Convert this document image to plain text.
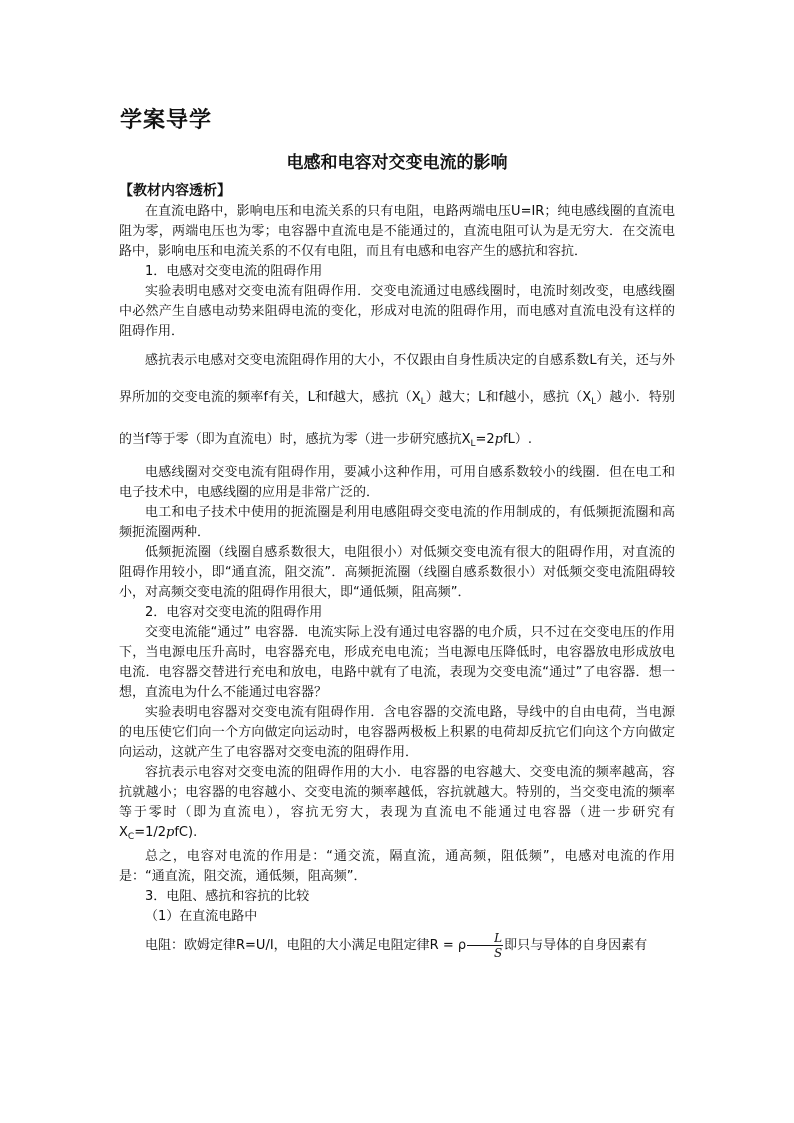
学案导学
电感和电容对交变电流的影响
【教材内容透析】

在直流电路中，影响电压和电流关系的只有电阻，电路两端电压U=IR；纯电感线圈的直流电阻为零，两端电压也为零；电容器中直流电是不能通过的，直流电阻可认为是无穷大．在交流电路中，影响电压和电流关系的不仅有电阻，而且有电感和电容产生的感抗和容抗．

1．电感对交变电流的阻碍作用

实验表明电感对交变电流有阻碍作用．交变电流通过电感线圈时，电流时刻改变，电感线圈中必然产生自感电动势来阻碍电流的变化，形成对电流的阻碍作用，而电感对直流电没有这样的阻碍作用．

感抗表示电感对交变电流阻碍作用的大小，不仅跟由自身性质决定的自感系数L有关，还与外界所加的交变电流的频率f有关，L和f越大，感抗$(X_L)$越大；L和f越小，感抗$(X_L)$越小．特别的当f等于零（即为直流电）时，感抗为零（进一步研究感抗$X_L=2pfL$）.

电感线圈对交变电流有阻碍作用，要减小这种作用，可用自感系数较小的线圈．但在电工和电子技术中，电感线圈的应用是非常广泛的．

电工和电子技术中使用的扼流圈是利用电感阻碍交变电流的作用制成的，有低频扼流圈和高频扼流圈两种．

低频扼流圈（线圈自感系数很大，电阻很小）对低频交变电流有很大的阻碍作用，对直流的阻碍作用较小，即“通直流，阻交流”．高频扼流圈（线圈自感系数很小）对低频交变电流阻碍较小，对高频交变电流的阻碍作用很大，即“通低频，阻高频”．

2．电容对交变电流的阻碍作用

交变电流能“通过” 电容器．电流实际上没有通过电容器的电介质，只不过在交变电压的作用下，当电源电压升高时，电容器充电，形成充电电流；当电源电压降低时，电容器放电形成放电电流．电容器交替进行充电和放电，电路中就有了电流，表现为交变电流“通过”了电容器．想一想，直流电为什么不能通过电容器？

实验表明电容器对交变电流有阻碍作用．含电容器的交流电路，导线中的自由电荷，当电源的电压使它们向一个方向做定向运动时，电容器两极板上积累的电荷却反抗它们向这个方向做定向运动，这就产生了电容器对交变电流的阻碍作用．

容抗表示电容对交变电流的阻碍作用的大小．电容器的电容越大、交变电流的频率越高，容抗就越小；电容器的电容越小、交变电流的频率越低，容抗就越大。特别的，当交变电流的频率等于零时（即为直流电），容抗无穷大，表现为直流电不能通过电容器（进一步研究有$X_C=1/2pfC$).

总之，电容对电流的作用是：“通交流，隔直流，通高频，阻低频”，电感对电流的作用是：“通直流，阻交流，通低频，阻高频”．

3．电阻、感抗和容抗的比较

（1）在直流电路中

电阻：欧姆定律R=U/I，电阻的大小满足电阻定律R = ρ $\frac{L}{S}$ 即只与导体的自身因素有
